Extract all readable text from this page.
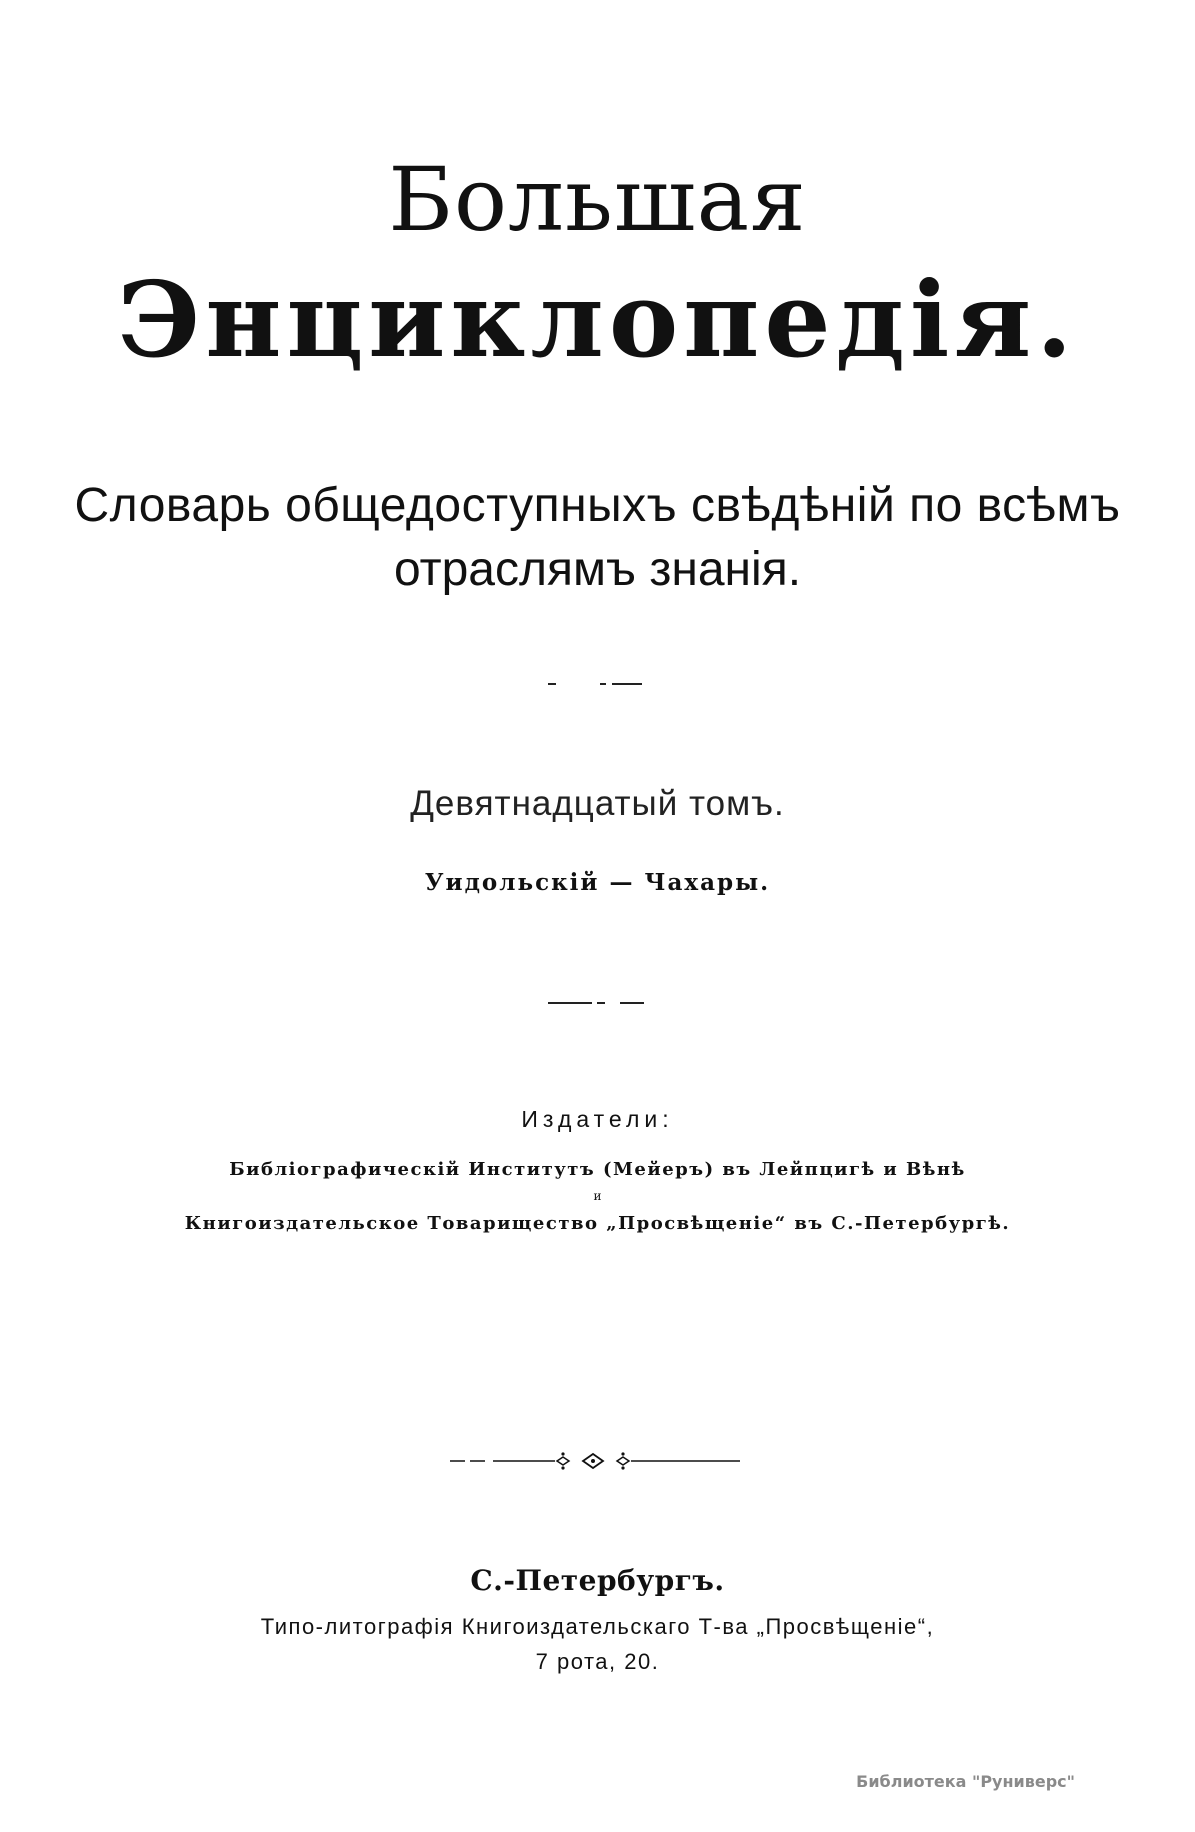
Большая
Энциклопедія.
Словарь общедоступныхъ свѣдѣній по всѣмъ
отраслямъ знанія.
Девятнадцатый томъ.
Уидольскій — Чахары.
Издатели:
Библіографическій Институтъ (Мейеръ) въ Лейпцигѣ и Вѣнѣ
и
Книгоиздательское Товарищество „Просвѣщеніе“ въ С.-Петербургѣ.
С.-Петербургъ.
Типо-литографія Книгоиздательскаго Т-ва „Просвѣщеніе“,
7 рота, 20.
Библиотека "Руниверс"
